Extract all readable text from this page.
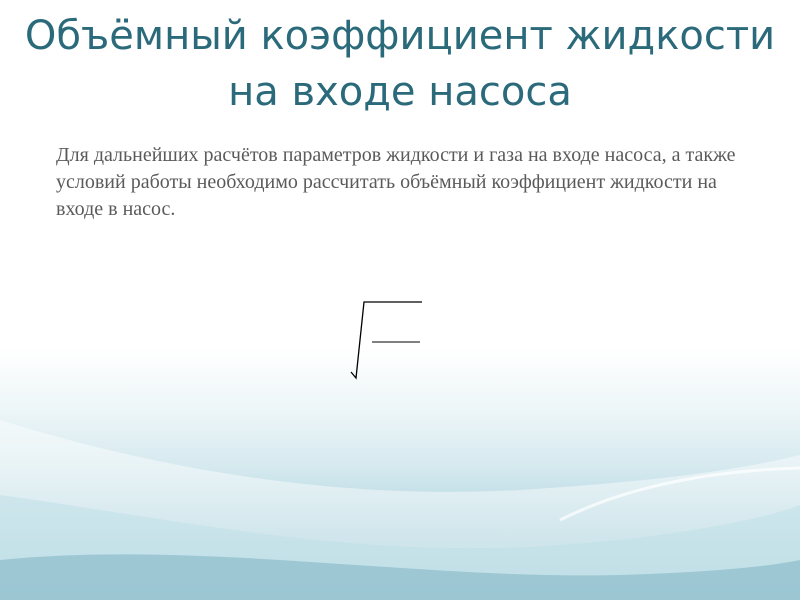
Объёмный коэффициент жидкости на входе насоса

Для дальнейших расчётов параметров жидкости и газа на входе насоса, а также условий работы необходимо рассчитать объёмный коэффициент жидкости на входе в насос.
